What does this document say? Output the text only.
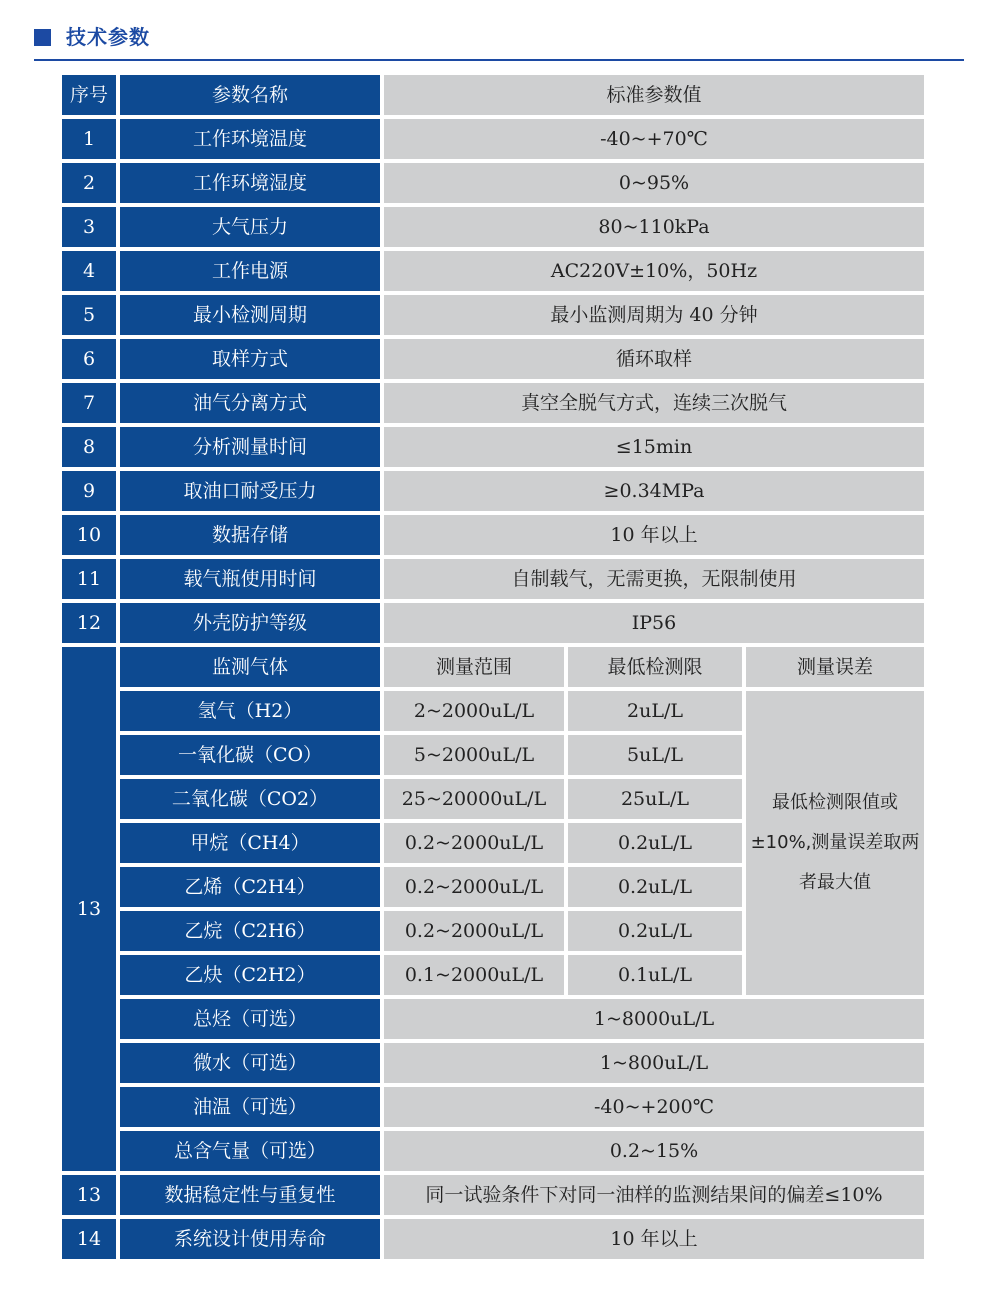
技术参数
序号	参数名称	标准参数值
1	工作环境温度	-40~+70℃
2	工作环境湿度	0~95%
3	大气压力	80~110kPa
4	工作电源	AC220V±10%，50Hz
5	最小检测周期	最小监测周期为 40 分钟
6	取样方式	循环取样
7	油气分离方式	真空全脱气方式，连续三次脱气
8	分析测量时间	≤15min
9	取油口耐受压力	≥0.34MPa
10	数据存储	10 年以上
11	载气瓶使用时间	自制载气，无需更换，无限制使用
12	外壳防护等级	IP56
13
监测气体	测量范围	最低检测限	测量误差
氢气（H2）	2~2000uL/L	2uL/L
一氧化碳（CO）	5~2000uL/L	5uL/L
二氧化碳（CO2）	25~20000uL/L	25uL/L
甲烷（CH4）	0.2~2000uL/L	0.2uL/L
乙烯（C2H4）	0.2~2000uL/L	0.2uL/L
乙烷（C2H6）	0.2~2000uL/L	0.2uL/L
乙炔（C2H2）	0.1~2000uL/L	0.1uL/L
最低检测限值或±10%,测量误差取两者最大值
总烃（可选）	1~8000uL/L
微水（可选）	1~800uL/L
油温（可选）	-40~+200℃
总含气量（可选）	0.2~15%
13	数据稳定性与重复性	同一试验条件下对同一油样的监测结果间的偏差≤10%
14	系统设计使用寿命	10 年以上
